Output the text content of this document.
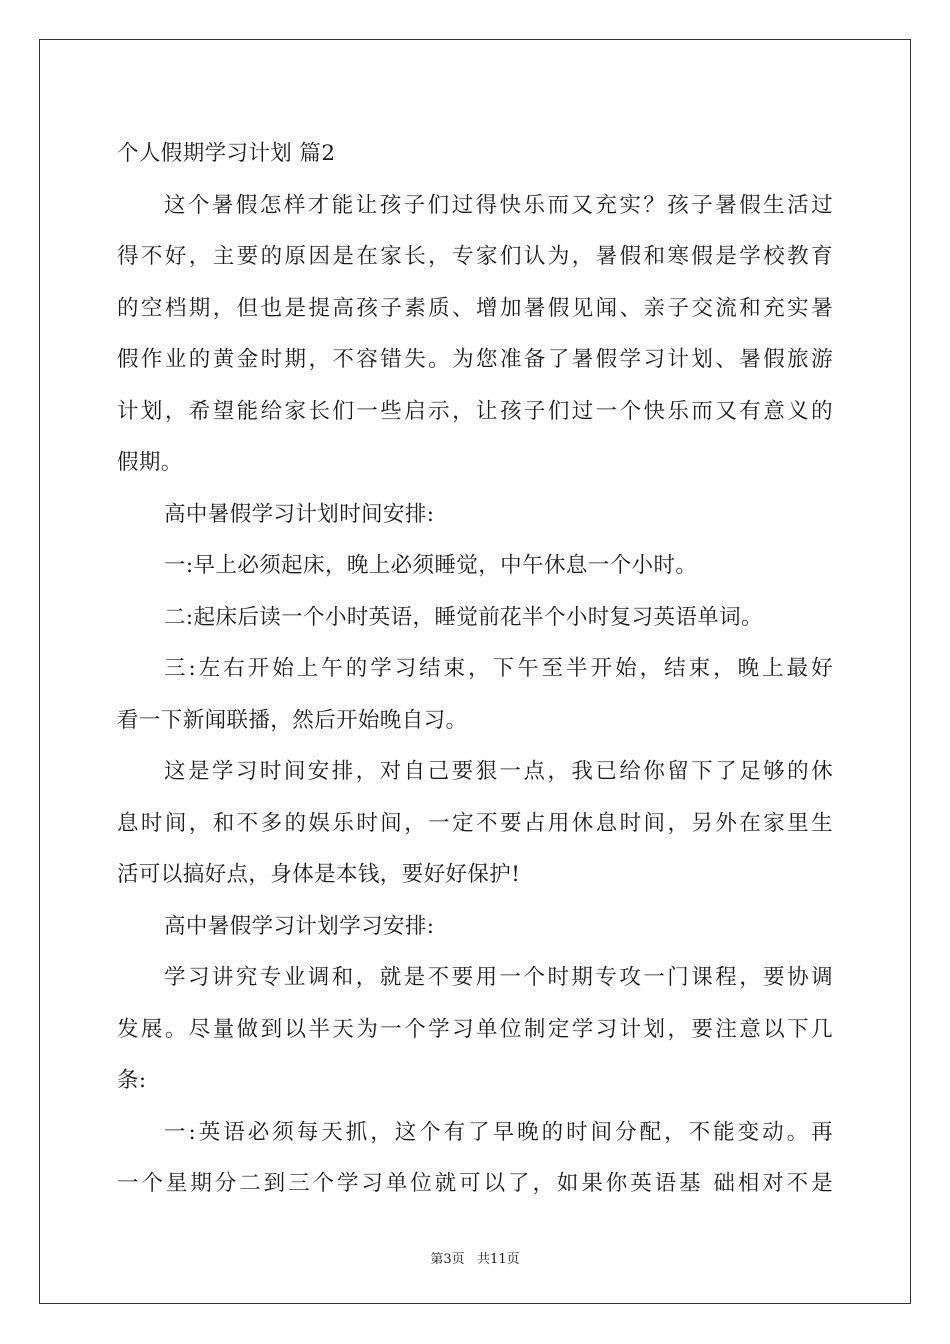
个人假期学习计划 篇2
这个暑假怎样才能让孩子们过得快乐而又充实？孩子暑假生活过
得不好，主要的原因是在家长，专家们认为，暑假和寒假是学校教育
的空档期，但也是提高孩子素质、增加暑假见闻、亲子交流和充实暑
假作业的黄金时期，不容错失。为您准备了暑假学习计划、暑假旅游
计划，希望能给家长们一些启示，让孩子们过一个快乐而又有意义的
假期。
高中暑假学习计划时间安排:
一:早上必须起床，晚上必须睡觉，中午休息一个小时。
二:起床后读一个小时英语，睡觉前花半个小时复习英语单词。
三:左右开始上午的学习结束，下午至半开始，结束，晚上最好
看一下新闻联播，然后开始晚自习。
这是学习时间安排，对自己要狠一点，我已给你留下了足够的休
息时间，和不多的娱乐时间，一定不要占用休息时间，另外在家里生
活可以搞好点，身体是本钱，要好好保护!
高中暑假学习计划学习安排:
学习讲究专业调和，就是不要用一个时期专攻一门课程，要协调
发展。尽量做到以半天为一个学习单位制定学习计划，要注意以下几
条:
一:英语必须每天抓，这个有了早晚的时间分配，不能变动。再
一个星期分二到三个学习单位就可以了，如果你英语基 础相对不是
第3页   共11页
